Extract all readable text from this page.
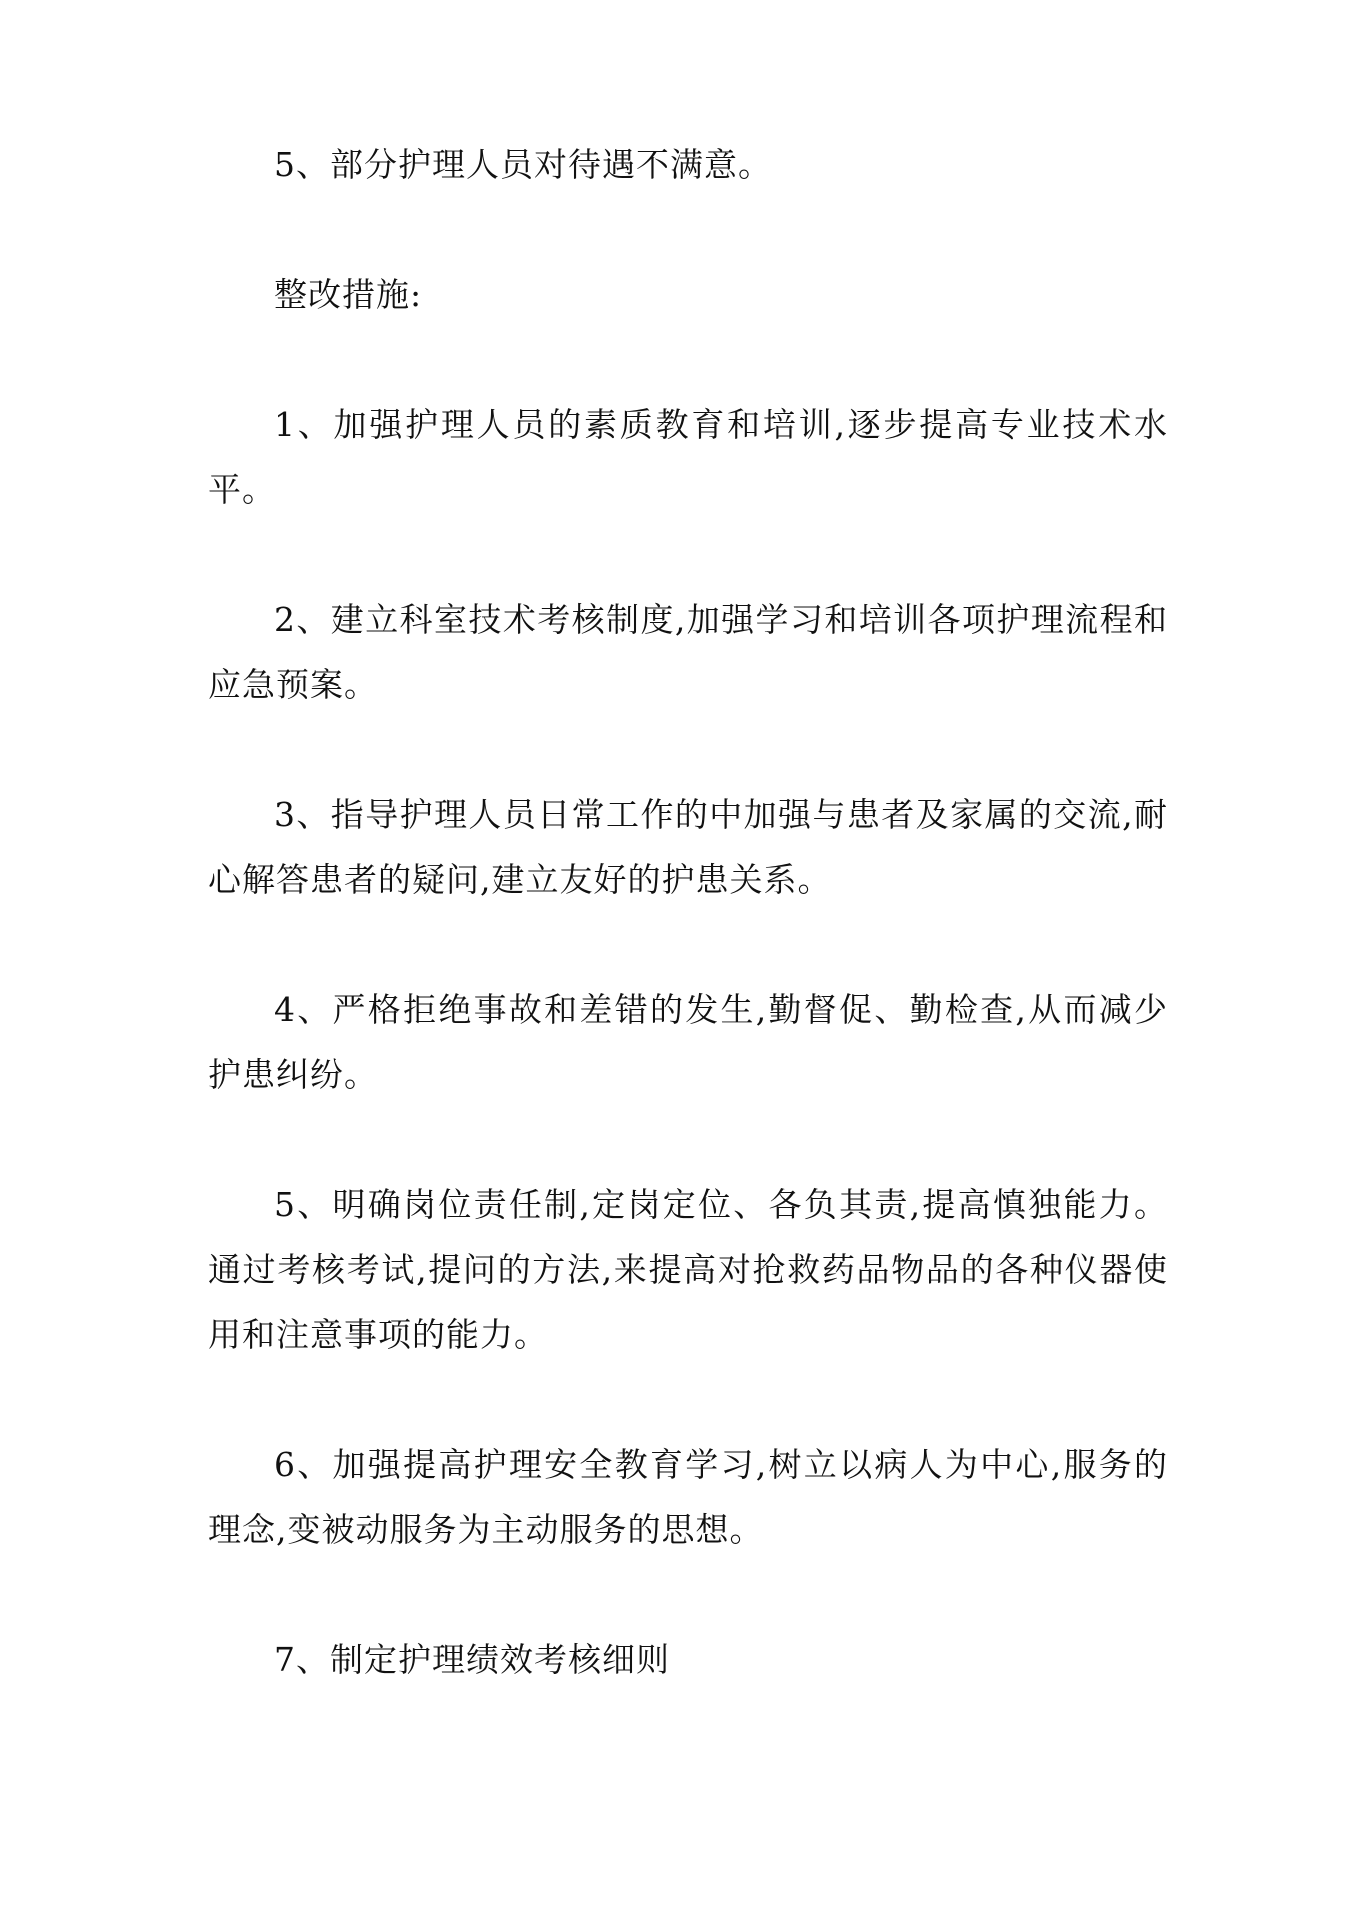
5、部分护理人员对待遇不满意。

整改措施:

1、加强护理人员的素质教育和培训,逐步提高专业技术水平。

2、建立科室技术考核制度,加强学习和培训各项护理流程和应急预案。

3、指导护理人员日常工作的中加强与患者及家属的交流,耐心解答患者的疑问,建立友好的护患关系。

4、严格拒绝事故和差错的发生,勤督促、勤检查,从而减少护患纠纷。

5、明确岗位责任制,定岗定位、各负其责,提高慎独能力。通过考核考试,提问的方法,来提高对抢救药品物品的各种仪器使用和注意事项的能力。

6、加强提高护理安全教育学习,树立以病人为中心,服务的理念,变被动服务为主动服务的思想。

7、制定护理绩效考核细则
